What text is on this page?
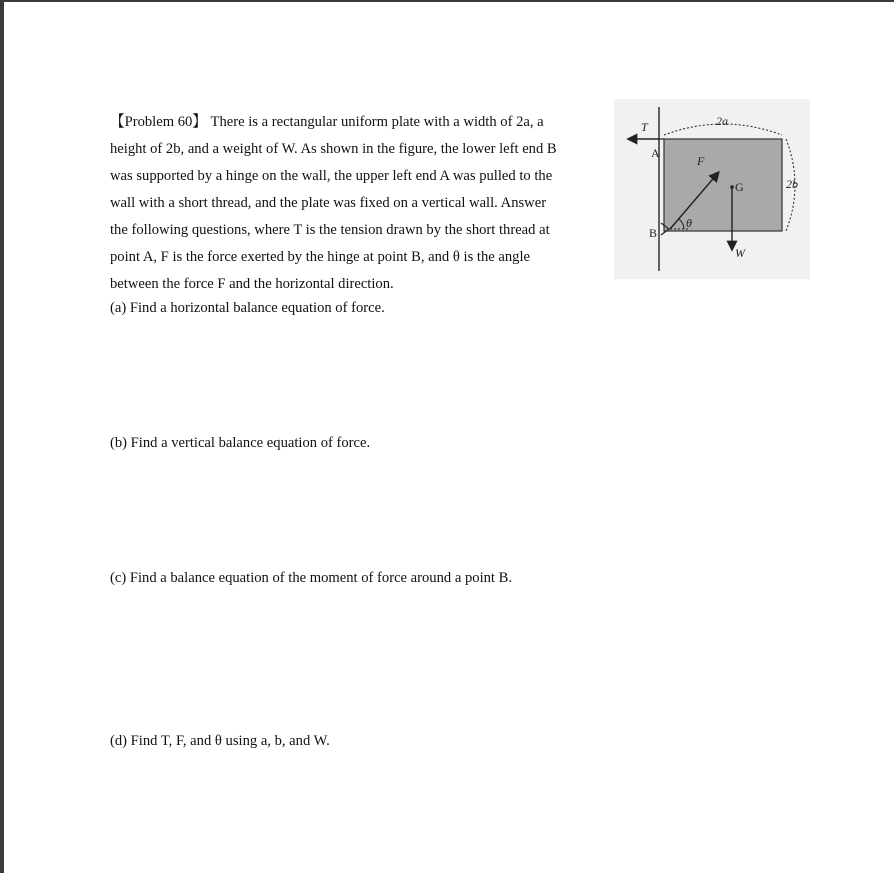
【Problem 60】 There is a rectangular uniform plate with a width of 2a, a

height of 2b, and a weight of W. As shown in the figure, the lower left end B

was supported by a hinge on the wall, the upper left end A was pulled to the

wall with a short thread, and the plate was fixed on a vertical wall. Answer

the following questions, where T is the tension drawn by the short thread at

point A, F is the force exerted by the hinge at point B, and θ is the angle

between the force F and the horizontal direction.

(a) Find a horizontal balance equation of force.
(b) Find a vertical balance equation of force.
(c) Find a balance equation of the moment of force around a point B.
(d) Find T, F, and θ using a, b, and W.
T
A
B
F
G
W
θ
2a
2b
